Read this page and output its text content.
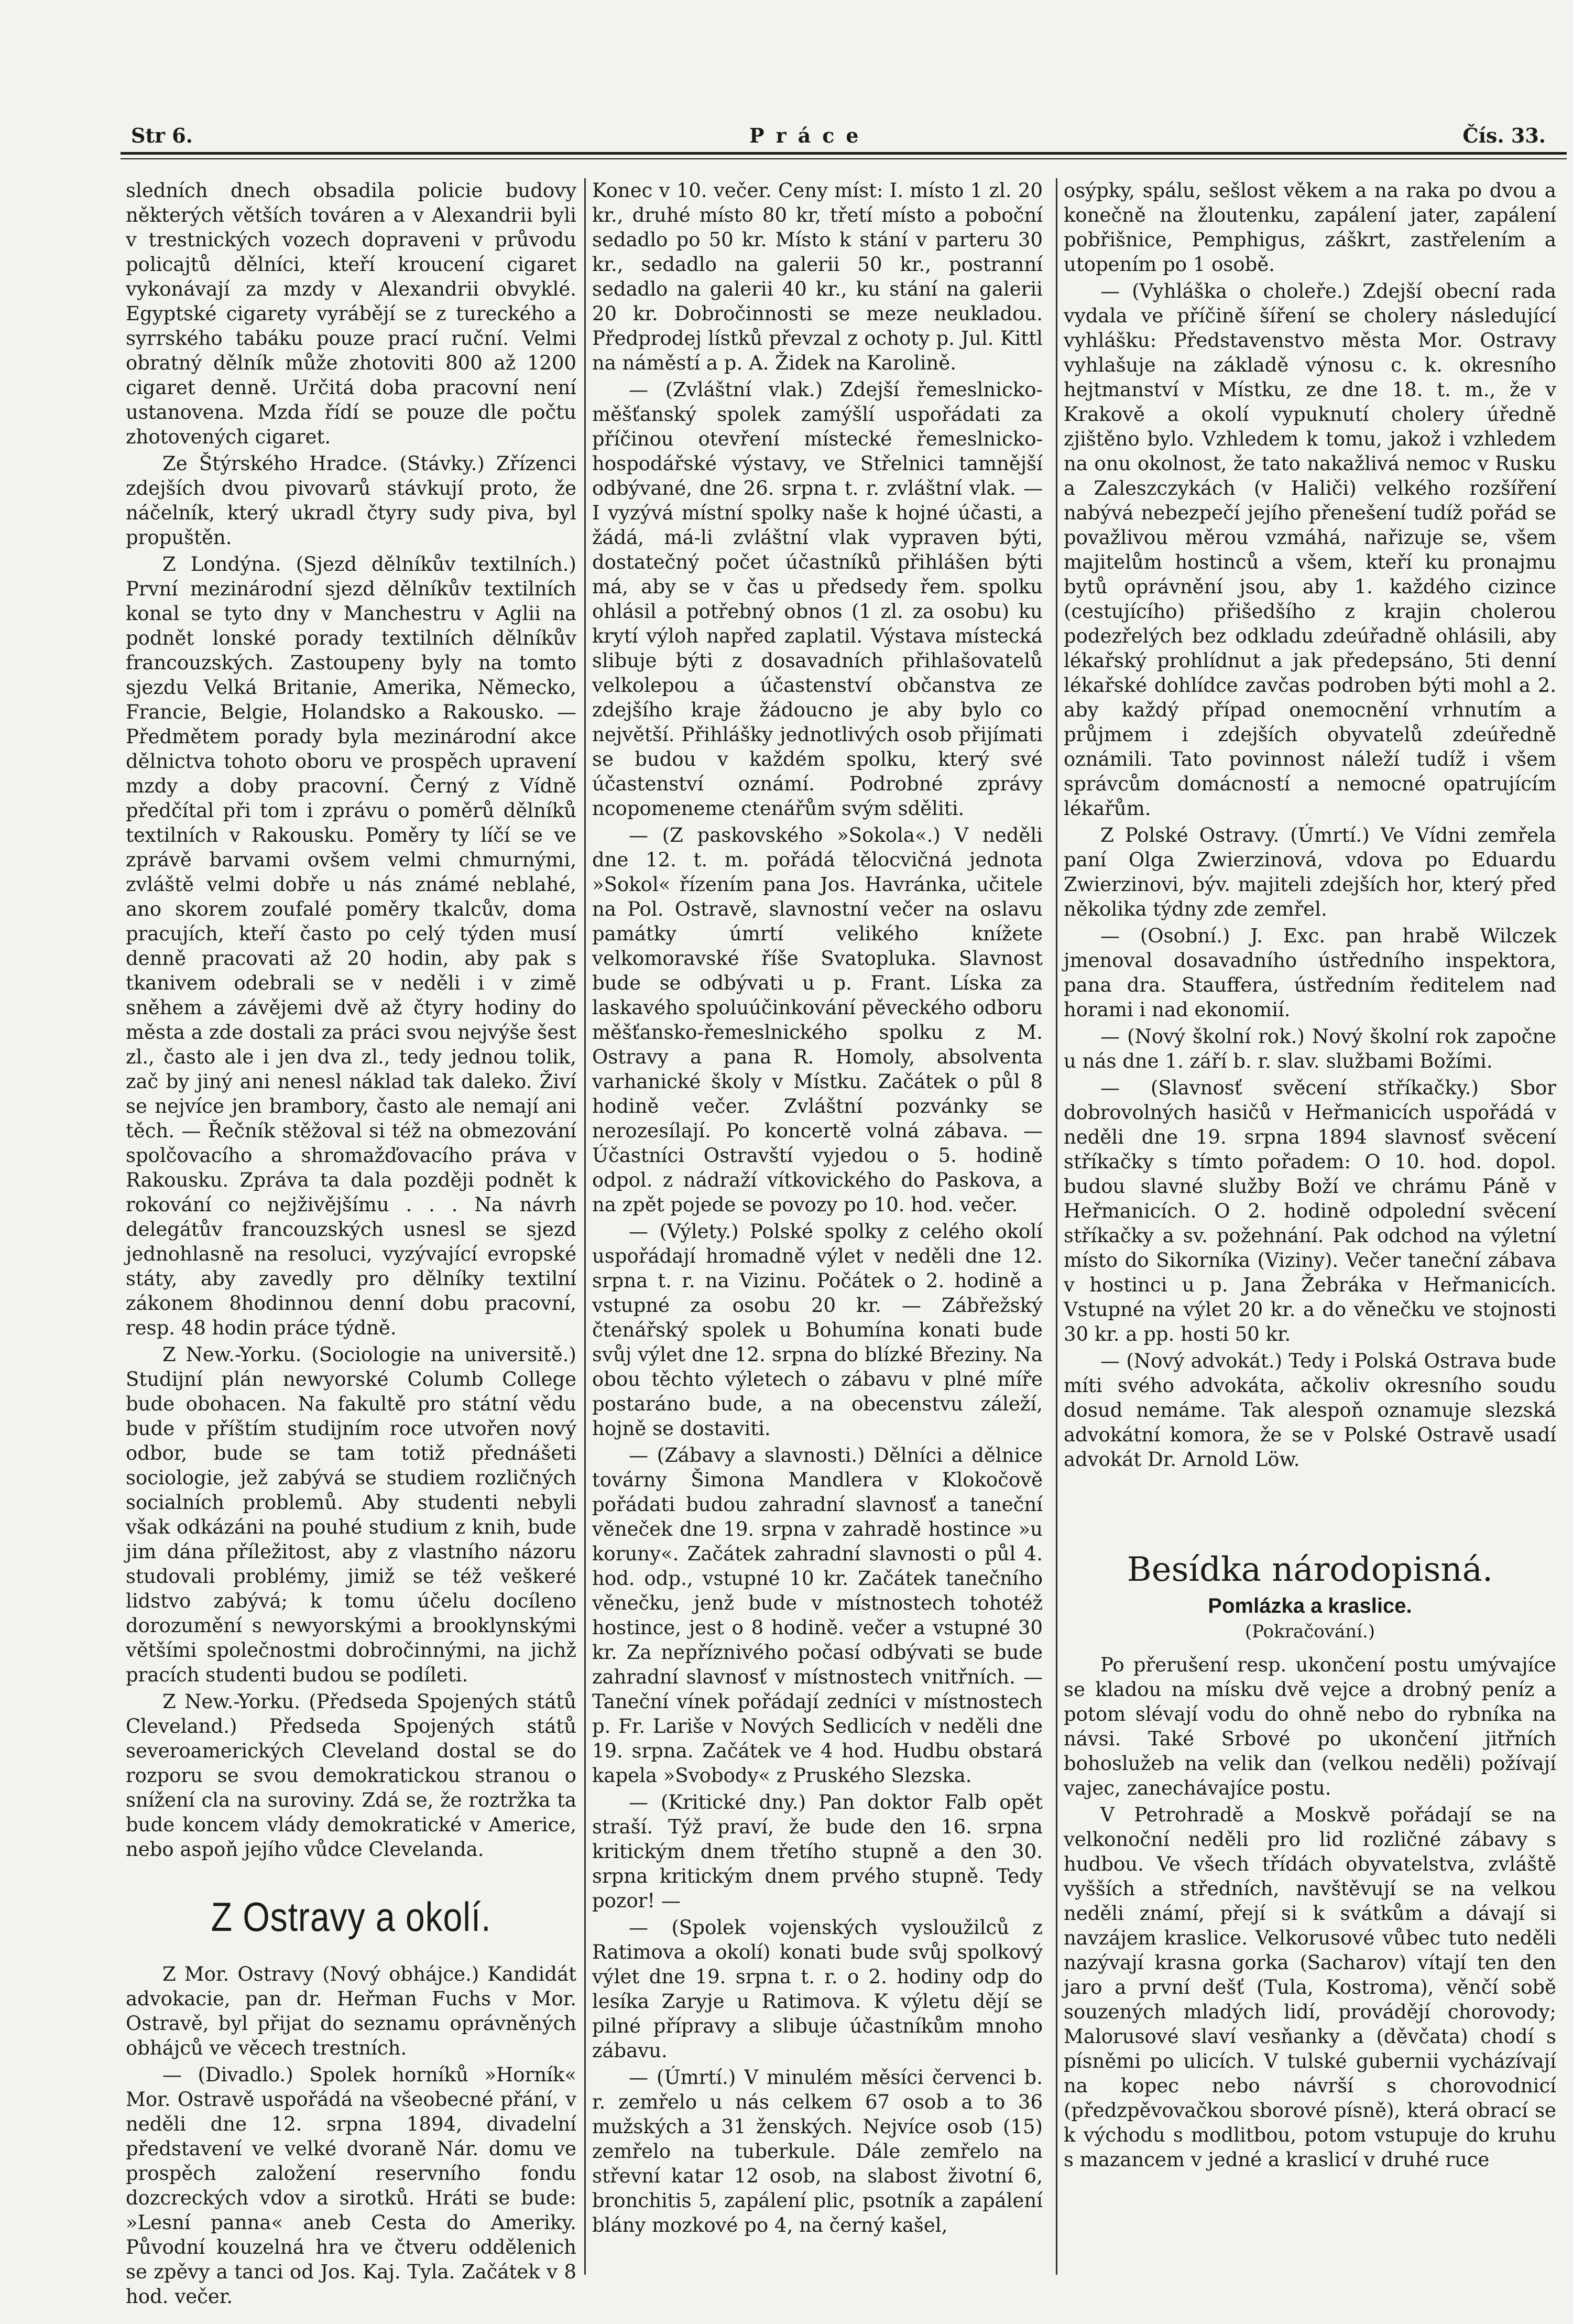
Str 6.	Práce	Čís. 33.

sledních dnech obsadila policie budovy některých větších továren a v Alexandrii byli v trestnických vozech dopraveni v průvodu policajtů dělníci, kteří kroucení cigaret vykonávají za mzdy v Alexandrii obvyklé. Egyptské cigarety vyrábějí se z tureckého a syrrského tabáku pouze prací ruční. Velmi obratný dělník může zhotoviti 800 až 1200 cigaret denně. Určitá doba pracovní není ustanovena. Mzda řídí se pouze dle počtu zhotovených cigaret.

Ze Štýrského Hradce. (Stávky.) Zřízenci zdejších dvou pivovarů stávkují proto, že náčelník, který ukradl čtyry sudy piva, byl propuštěn.

Z Londýna. (Sjezd dělníkův textilních.) První mezinárodní sjezd dělníkův textilních konal se tyto dny v Manchestru v Aglii na podnět lonské porady textilních dělníkův francouzských. Zastoupeny byly na tomto sjezdu Velká Britanie, Amerika, Německo, Francie, Belgie, Holandsko a Rakousko. — Předmětem porady byla mezinárodní akce dělnictva tohoto oboru ve prospěch upravení mzdy a doby pracovní. Černý z Vídně předčítal při tom i zprávu o poměrů dělníků textilních v Rakousku. Poměry ty líčí se ve zprávě barvami ovšem velmi chmurnými, zvláště velmi dobře u nás známé neblahé, ano skorem zoufalé poměry tkalcův, doma pracujích, kteří často po celý týden musí denně pracovati až 20 hodin, aby pak s tkanivem odebrali se v neděli i v zimě sněhem a závějemi dvě až čtyry hodiny do města a zde dostali za práci svou nejvýše šest zl., často ale i jen dva zl., tedy jednou tolik, zač by jiný ani nenesl náklad tak daleko. Živí se nejvíce jen brambory, často ale nemají ani těch. — Řečník stěžoval si též na obmezování spolčovacího a shromažďovacího práva v Rakousku. Zpráva ta dala později podnět k rokování co nejživějšímu . . . Na návrh delegátův francouzských usnesl se sjezd jednohlasně na resoluci, vyzývající evropské státy, aby zavedly pro dělníky textilní zákonem 8hodinnou denní dobu pracovní, resp. 48 hodin práce týdně.

Z New.-Yorku. (Sociologie na universitě.) Studijní plán newyorské Columb College bude obohacen. Na fakultě pro státní vědu bude v příštím studijním roce utvořen nový odbor, bude se tam totiž přednášeti sociologie, jež zabývá se studiem rozličných socialních problemů. Aby studenti nebyli však odkázáni na pouhé studium z knih, bude jim dána příležitost, aby z vlastního názoru studovali problémy, jimiž se též veškeré lidstvo zabývá; k tomu účelu docíleno dorozumění s newyorskými a brooklynskými většími společnostmi dobročinnými, na jichž pracích studenti budou se podíleti.

Z New.-Yorku. (Předseda Spojených států Cleveland.) Předseda Spojených států severoamerických Cleveland dostal se do rozporu se svou demokratickou stranou o snížení cla na suroviny. Zdá se, že roztržka ta bude koncem vlády demokratické v Americe, nebo aspoň jejího vůdce Clevelanda.

Z Ostravy a okolí.

Z Mor. Ostravy (Nový obhájce.) Kandidát advokacie, pan dr. Heřman Fuchs v Mor. Ostravě, byl přijat do seznamu oprávněných obhájců ve věcech trestních.

— (Divadlo.) Spolek horníků »Horník« Mor. Ostravě uspořádá na všeobecné přání, v neděli dne 12. srpna 1894, divadelní představení ve velké dvoraně Nár. domu ve prospěch založení reservního fondu dozcreckých vdov a sirotků. Hráti se bude: »Lesní panna« aneb Cesta do Ameriky. Původní kouzelná hra ve čtveru oddělenich se zpěvy a tanci od Jos. Kaj. Tyla. Začátek v 8 hod. večer.

Konec v 10. večer. Ceny míst: I. místo 1 zl. 20 kr., druhé místo 80 kr, třetí místo a poboční sedadlo po 50 kr. Místo k stání v parteru 30 kr., sedadlo na galerii 50 kr., postranní sedadlo na galerii 40 kr., ku stání na galerii 20 kr. Dobročinnosti se meze neukladou. Předprodej lístků převzal z ochoty p. Jul. Kittl na náměstí a p. A. Židek na Karolině.

— (Zvláštní vlak.) Zdejší řemeslnicko-měšťanský spolek zamýšlí uspořádati za příčinou otevření místecké řemeslnicko-hospodářské výstavy, ve Střelnici tamnější odbývané, dne 26. srpna t. r. zvláštní vlak. — I vyzývá místní spolky naše k hojné účasti, a žádá, má-li zvláštní vlak vypraven býti, dostatečný počet účastníků přihlášen býti má, aby se v čas u předsedy řem. spolku ohlásil a potřebný obnos (1 zl. za osobu) ku krytí výloh napřed zaplatil. Výstava místecká slibuje býti z dosavadních přihlašovatelů velkolepou a účastenství občanstva ze zdejšího kraje žádoucno je aby bylo co největší. Přihlášky jednotlivých osob přijímati se budou v každém spolku, který své účastenství oznámí. Podrobné zprávy ncopomeneme ctenářům svým sděliti.

— (Z paskovského »Sokola«.) V neděli dne 12. t. m. pořádá tělocvičná jednota »Sokol« řízením pana Jos. Havránka, učitele na Pol. Ostravě, slavnostní večer na oslavu památky úmrtí velikého knížete velkomoravské říše Svatopluka. Slavnost bude se odbývati u p. Frant. Líska za laskavého spoluúčinkování pěveckého odboru měšťansko-řemeslnického spolku z M. Ostravy a pana R. Homoly, absolventa varhanické školy v Místku. Začátek o půl 8 hodině večer. Zvláštní pozvánky se nerozesílají. Po koncertě volná zábava. — Účastníci Ostravští vyjedou o 5. hodině odpol. z nádraží vítkovického do Paskova, a na zpět pojede se povozy po 10. hod. večer.

— (Výlety.) Polské spolky z celého okolí uspořádají hromadně výlet v neděli dne 12. srpna t. r. na Vizinu. Počátek o 2. hodině a vstupné za osobu 20 kr. — Zábřežský čtenářský spolek u Bohumína konati bude svůj výlet dne 12. srpna do blízké Březiny. Na obou těchto výletech o zábavu v plné míře postaráno bude, a na obecenstvu záleží, hojně se dostaviti.

— (Zábavy a slavnosti.) Dělníci a dělnice továrny Šimona Mandlera v Klokočově pořádati budou zahradní slavnosť a taneční věneček dne 19. srpna v zahradě hostince »u koruny«. Začátek zahradní slavnosti o půl 4. hod. odp., vstupné 10 kr. Začátek tanečního věnečku, jenž bude v místnostech tohotéž hostince, jest o 8 hodině. večer a vstupné 30 kr. Za nepříznivého počasí odbývati se bude zahradní slavnosť v místnostech vnitřních. — Taneční vínek pořádají zedníci v místnostech p. Fr. Lariše v Nových Sedlicích v neděli dne 19. srpna. Začátek ve 4 hod. Hudbu obstará kapela »Svobody« z Pruského Slezska.

— (Kritické dny.) Pan doktor Falb opět straší. Týž praví, že bude den 16. srpna kritickým dnem třetího stupně a den 30. srpna kritickým dnem prvého stupně. Tedy pozor! —

— (Spolek vojenských vysloužilců z Ratimova a okolí) konati bude svůj spolkový výlet dne 19. srpna t. r. o 2. hodiny odp do lesíka Zaryje u Ratimova. K výletu dějí se pilné přípravy a slibuje účastníkům mnoho zábavu.

— (Úmrtí.) V minulém měsíci červenci b. r. zemřelo u nás celkem 67 osob a to 36 mužských a 31 ženských. Nejvíce osob (15) zemřelo na tuberkule. Dále zemřelo na střevní katar 12 osob, na slabost životní 6, bronchitis 5, zapálení plic, psotník a zapálení blány mozkové po 4, na černý kašel,

osýpky, spálu, sešlost věkem a na raka po dvou a konečně na žloutenku, zapálení jater, zapálení pobřišnice, Pemphigus, záškrt, zastřelením a utopením po 1 osobě.

— (Vyhláška o choleře.) Zdejší obecní rada vydala ve příčině šíření se cholery následující vyhlášku: Představenstvo města Mor. Ostravy vyhlašuje na základě výnosu c. k. okresního hejtmanství v Místku, ze dne 18. t. m., že v Krakově a okolí vypuknutí cholery úředně zjištěno bylo. Vzhledem k tomu, jakož i vzhledem na onu okolnost, že tato nakažlivá nemoc v Rusku a Zaleszczykách (v Haliči) velkého rozšíření nabývá nebezpečí jejího přenešení tudíž pořád se považlivou měrou vzmáhá, nařizuje se, všem majitelům hostinců a všem, kteří ku pronajmu bytů oprávnění jsou, aby 1. každého cizince (cestujícího) přišedšího z krajin cholerou podezřelých bez odkladu zdeúřadně ohlásili, aby lékařský prohlídnut a jak předepsáno, 5ti denní lékařské dohlídce zavčas podroben býti mohl a 2. aby každý případ onemocnění vrhnutím a průjmem i zdejších obyvatelů zdeúředně oznámili. Tato povinnost náleží tudíž i všem správcům domácností a nemocné opatrujícím lékařům.

Z Polské Ostravy. (Úmrtí.) Ve Vídni zemřela paní Olga Zwierzinová, vdova po Eduardu Zwierzinovi, býv. majiteli zdejších hor, který před několika týdny zde zemřel.

— (Osobní.) J. Exc. pan hrabě Wilczek jmenoval dosavadního ústředního inspektora, pana dra. Stauffera, ústředním ředitelem nad horami i nad ekonomií.

— (Nový školní rok.) Nový školní rok započne u nás dne 1. září b. r. slav. službami Božími.

— (Slavnosť svěcení stříkačky.) Sbor dobrovolných hasičů v Heřmanicích uspořádá v neděli dne 19. srpna 1894 slavnosť svěcení stříkačky s tímto pořadem: O 10. hod. dopol. budou slavné služby Boží ve chrámu Páně v Heřmanicích. O 2. hodině odpolední svěcení stříkačky a sv. požehnání. Pak odchod na výletní místo do Sikorníka (Viziny). Večer taneční zábava v hostinci u p. Jana Žebráka v Heřmanicích. Vstupné na výlet 20 kr. a do věnečku ve stojnosti 30 kr. a pp. hosti 50 kr.

— (Nový advokát.) Tedy i Polská Ostrava bude míti svého advokáta, ačkoliv okresního soudu dosud nemáme. Tak alespoň oznamuje slezská advokátní komora, že se v Polské Ostravě usadí advokát Dr. Arnold Löw.

Besídka národopisná.
Pomlázka a kraslice.
(Pokračování.)

Po přerušení resp. ukončení postu umývajíce se kladou na mísku dvě vejce a drobný peníz a potom slévají vodu do ohně nebo do rybníka na návsi. Také Srbové po ukončení jitřních bohoslužeb na velik dan (velkou neděli) požívají vajec, zanechávajíce postu.

V Petrohradě a Moskvě pořádají se na velkonoční neděli pro lid rozličné zábavy s hudbou. Ve všech třídách obyvatelstva, zvláště vyšších a středních, navštěvují se na velkou neděli známí, přejí si k svátkům a dávají si navzájem kraslice. Velkorusové vůbec tuto neděli nazývají krasna gorka (Sacharov) vítají ten den jaro a první dešť (Tula, Kostroma), věnčí sobě souzených mladých lidí, provádějí chorovody; Malorusové slaví vesňanky a (děvčata) chodí s písněmi po ulicích. V tulské gubernii vycházívají na kopec nebo návrší s chorovodnicí (předzpěvovačkou sborové písně), která obrací se k východu s modlitbou, potom vstupuje do kruhu s mazancem v jedné a kraslicí v druhé ruce
